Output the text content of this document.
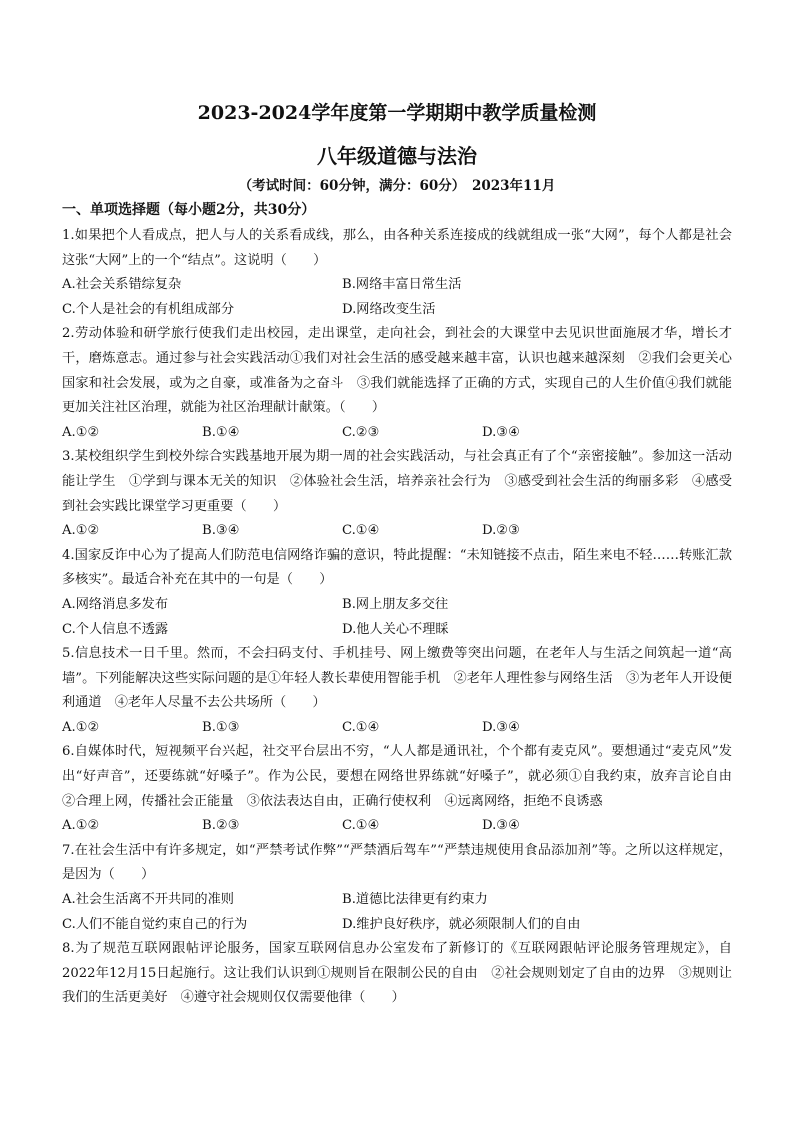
2023-2024学年度第一学期期中教学质量检测
八年级道德与法治
（考试时间：60分钟，满分：60分）　2023年11月
一、单项选择题（每小题2分，共30分）
1.如果把个人看成点，把人与人的关系看成线，那么，由各种关系连接成的线就组成一张“大网”，每个人都是社会这张“大网”上的一个“结点”。这说明（　　）
A.社会关系错综复杂	B.网络丰富日常生活
C.个人是社会的有机组成部分	D.网络改变生活
2.劳动体验和研学旅行使我们走出校园，走出课堂，走向社会，到社会的大课堂中去见识世面施展才华，增长才干，磨炼意志。通过参与社会实践活动①我们对社会生活的感受越来越丰富，认识也越来越深刻　②我们会更关心国家和社会发展，或为之自豪，或准备为之奋斗　③我们就能选择了正确的方式，实现自己的人生价值④我们就能更加关注社区治理，就能为社区治理献计献策。（　　）
A.①②	B.①④	C.②③	D.③④
3.某校组织学生到校外综合实践基地开展为期一周的社会实践活动，与社会真正有了个“亲密接触”。参加这一活动能让学生　①学到与课本无关的知识　②体验社会生活，培养亲社会行为　③感受到社会生活的绚丽多彩　④感受到社会实践比课堂学习更重要（　　）
A.①②	B.③④	C.①④	D.②③
4.国家反诈中心为了提高人们防范电信网络诈骗的意识，特此提醒：“未知链接不点击，陌生来电不轻……转账汇款多核实”。最适合补充在其中的一句是（　　）
A.网络消息多发布	B.网上朋友多交往
C.个人信息不透露	D.他人关心不理睬
5.信息技术一日千里。然而，不会扫码支付、手机挂号、网上缴费等突出问题，在老年人与生活之间筑起一道“高墙”。下列能解决这些实际问题的是①年轻人教长辈使用智能手机　②老年人理性参与网络生活　③为老年人开设便利通道　④老年人尽量不去公共场所（　　）
A.①②	B.①③	C.①④	D.③④
6.自媒体时代，短视频平台兴起，社交平台层出不穷，“人人都是通讯社，个个都有麦克风”。要想通过“麦克风”发出“好声音”，还要练就“好嗓子”。作为公民，要想在网络世界练就“好嗓子”，就必须①自我约束，放弃言论自由　②合理上网，传播社会正能量　③依法表达自由，正确行使权利　④远离网络，拒绝不良诱惑
A.①②	B.②③	C.①④	D.③④
7.在社会生活中有许多规定，如“严禁考试作弊”“严禁酒后驾车”“严禁违规使用食品添加剂”等。之所以这样规定，是因为（　　）
A.社会生活离不开共同的准则	B.道德比法律更有约束力
C.人们不能自觉约束自己的行为	D.维护良好秩序，就必须限制人们的自由
8.为了规范互联网跟帖评论服务，国家互联网信息办公室发布了新修订的《互联网跟帖评论服务管理规定》，自2022年12月15日起施行。这让我们认识到①规则旨在限制公民的自由　②社会规则划定了自由的边界　③规则让我们的生活更美好　④遵守社会规则仅仅需要他律（　　）
